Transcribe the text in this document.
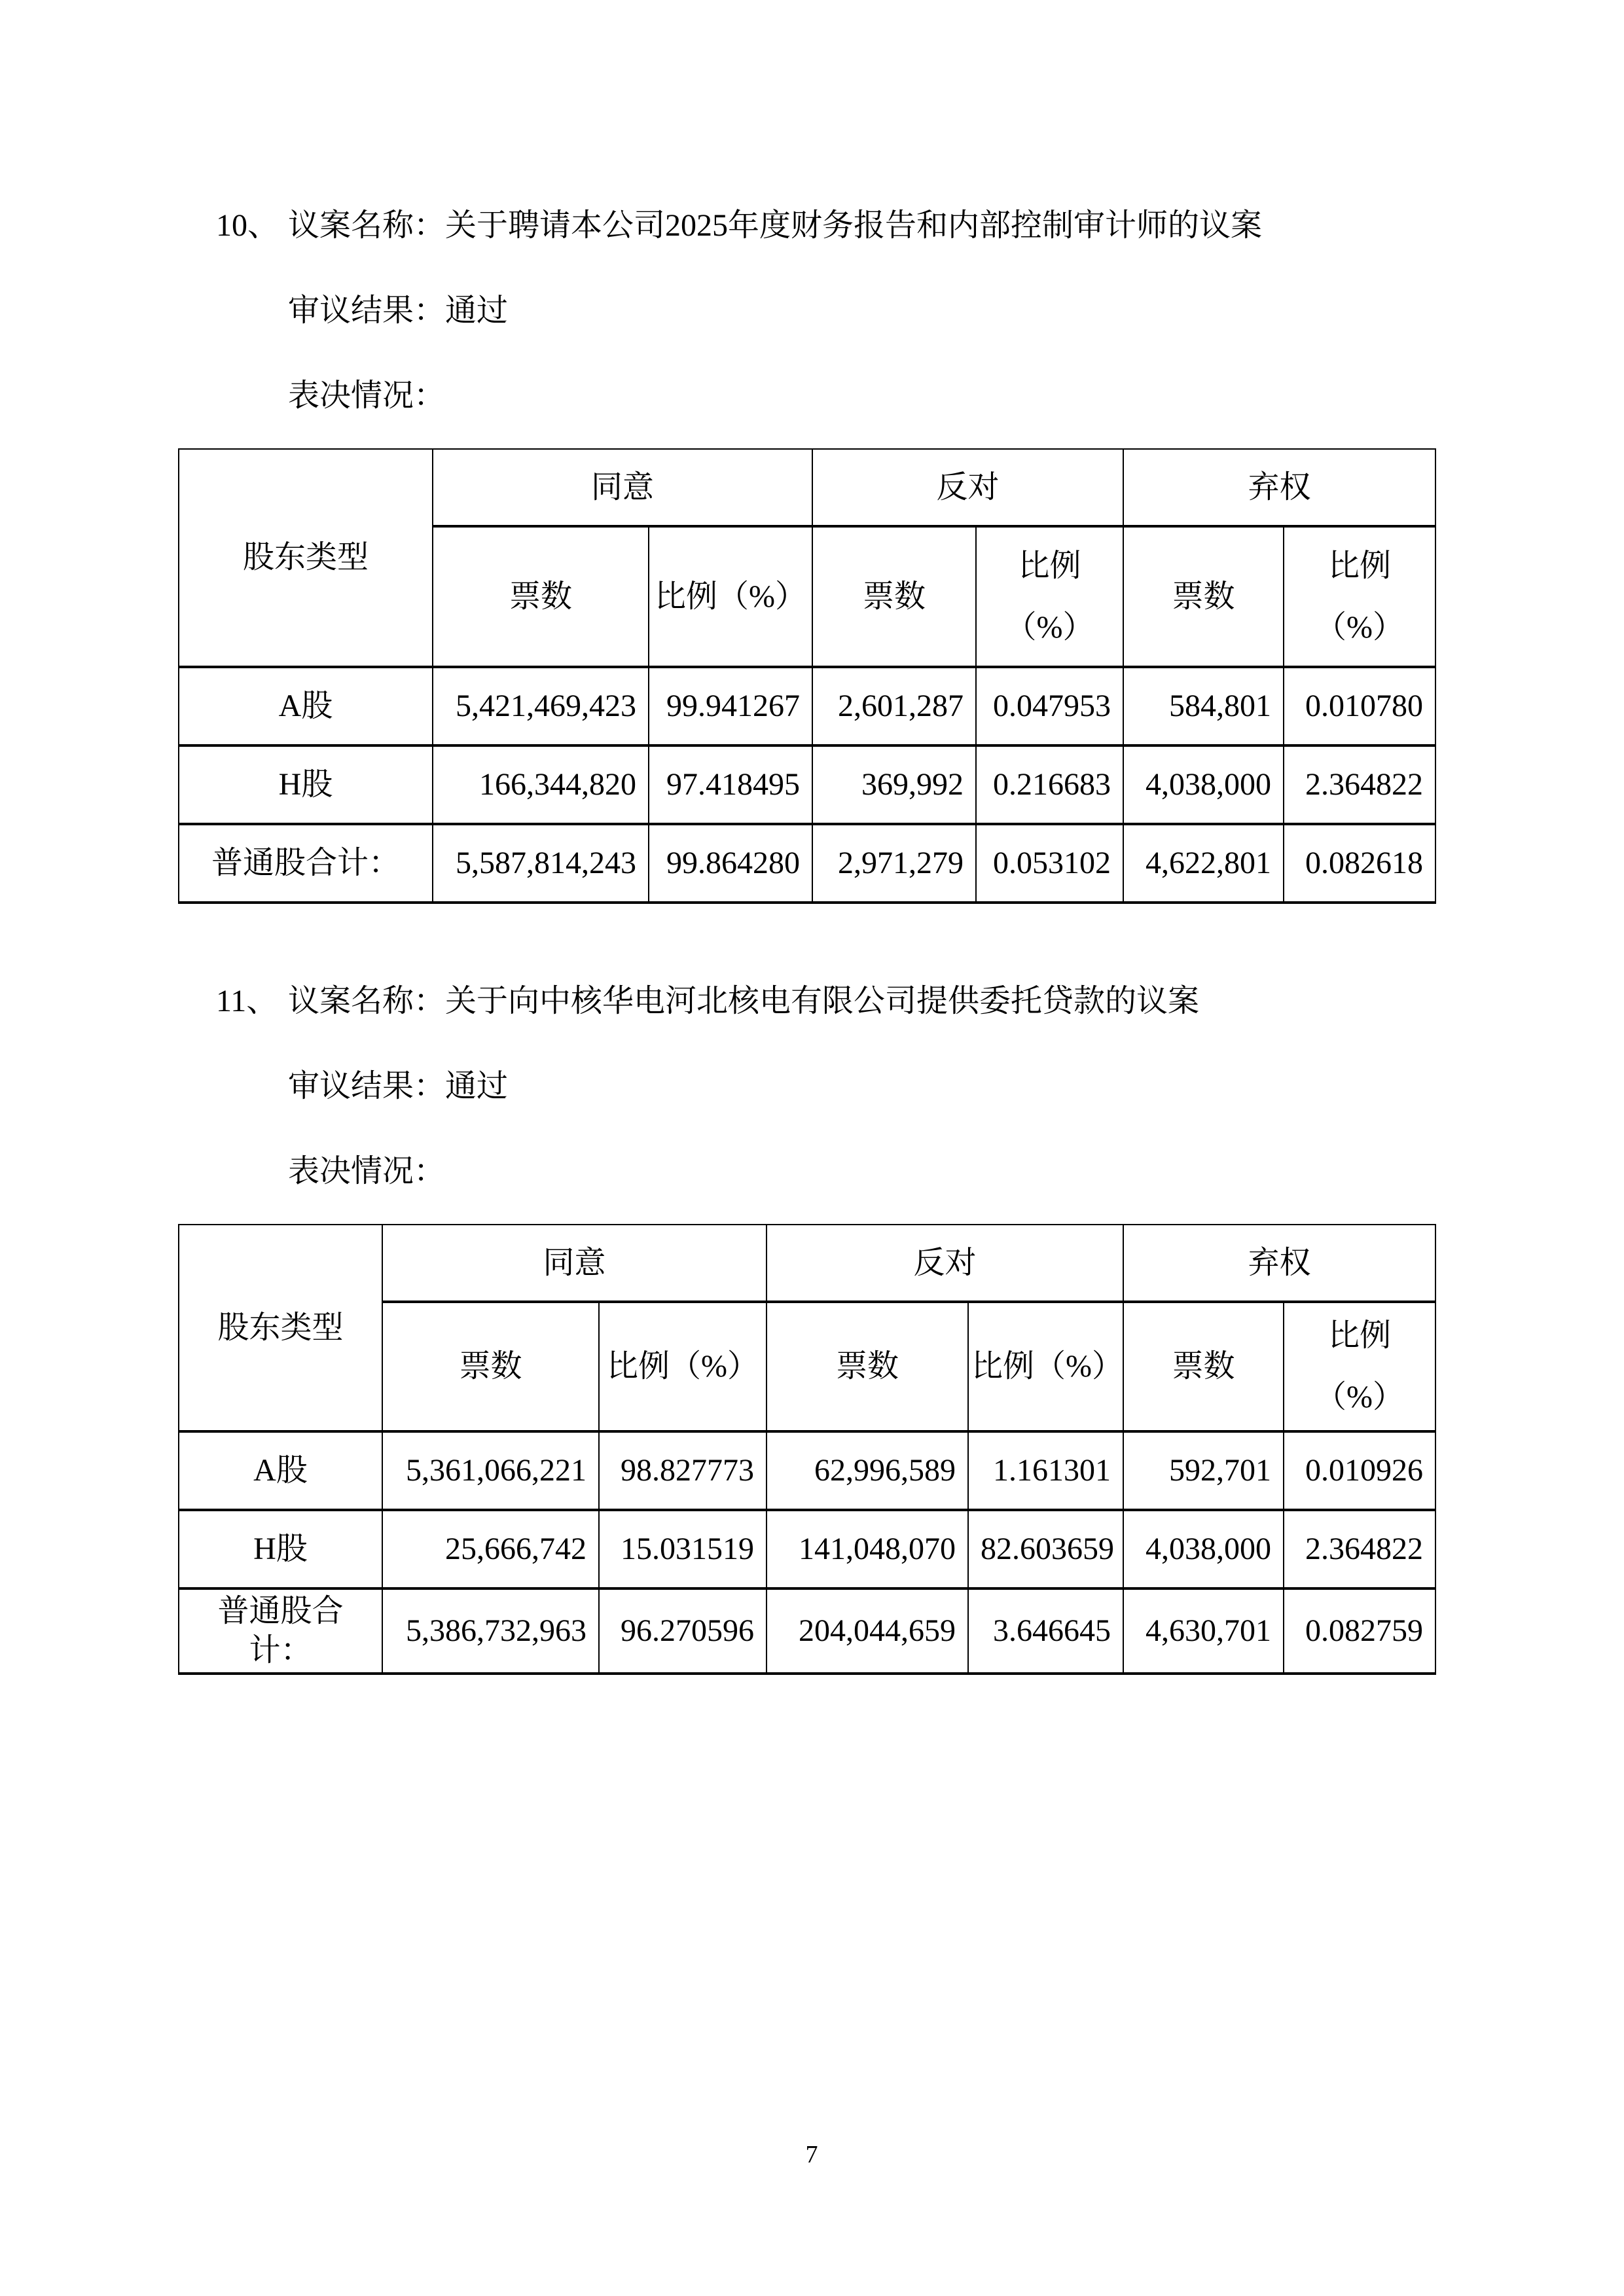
10、 议案名称：关于聘请本公司2025年度财务报告和内部控制审计师的议案
审议结果：通过
表决情况：
股东类型	同意		反对		弃权	
	票数	比例（%）	票数	比例（%）	票数	比例（%）
A股	5,421,469,423	99.941267	2,601,287	0.047953	584,801	0.010780
H股	166,344,820	97.418495	369,992	0.216683	4,038,000	2.364822
普通股合计：	5,587,814,243	99.864280	2,971,279	0.053102	4,622,801	0.082618
11、 议案名称：关于向中核华电河北核电有限公司提供委托贷款的议案
审议结果：通过
表决情况：
股东类型	同意		反对		弃权	
	票数	比例（%）	票数	比例（%）	票数	比例（%）
A股	5,361,066,221	98.827773	62,996,589	1.161301	592,701	0.010926
H股	25,666,742	15.031519	141,048,070	82.603659	4,038,000	2.364822
普通股合计：	5,386,732,963	96.270596	204,044,659	3.646645	4,630,701	0.082759
7
